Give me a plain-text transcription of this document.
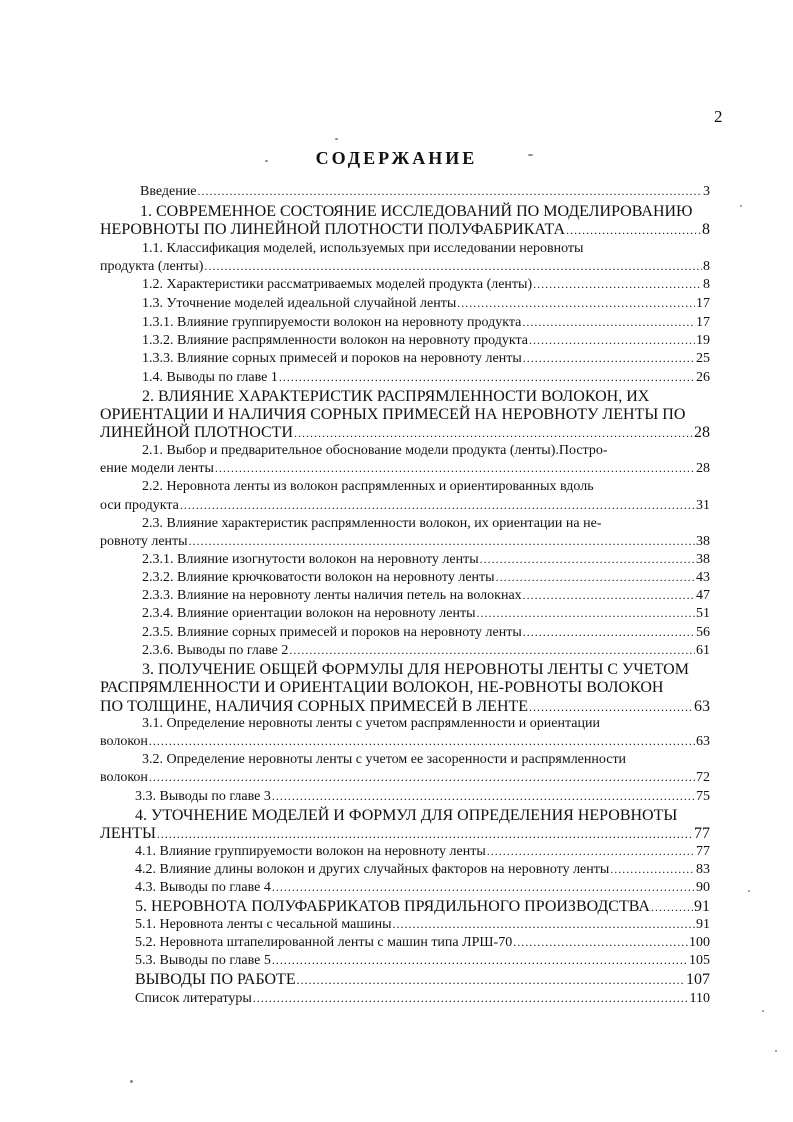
2
СОДЕРЖАНИЕ
Введение .....	3
1. СОВРЕМЕННОЕ СОСТОЯНИЕ ИССЛЕДОВАНИЙ ПО МОДЕЛИРОВАНИЮ
НЕРОВНОТЫ ПО ЛИНЕЙНОЙ ПЛОТНОСТИ ПОЛУФАБРИКАТА .....	8
1.1. Классификация моделей, используемых при исследовании неровноты
продукта (ленты) .....	8
1.2. Характеристики рассматриваемых моделей продукта (ленты) .....	8
1.3. Уточнение моделей идеальной случайной ленты .....	17
1.3.1. Влияние группируемости волокон на неровноту продукта .....	17
1.3.2. Влияние распрямленности волокон на неровноту продукта .....	19
1.3.3. Влияние сорных примесей и пороков на неровноту ленты .....	25
1.4. Выводы по главе 1 .....	26
2. ВЛИЯНИЕ ХАРАКТЕРИСТИК РАСПРЯМЛЕННОСТИ ВОЛОКОН, ИХ
ОРИЕНТАЦИИ И НАЛИЧИЯ СОРНЫХ ПРИМЕСЕЙ НА НЕРОВНОТУ ЛЕНТЫ ПО
ЛИНЕЙНОЙ ПЛОТНОСТИ .....	28
2.1. Выбор и предварительное обоснование модели продукта (ленты).Постро-
ение модели ленты .....	28
2.2. Неровнота ленты из волокон распрямленных и ориентированных вдоль
оси продукта .....	31
2.3. Влияние характеристик распрямленности волокон, их ориентации на не-
ровноту ленты .....	38
2.3.1. Влияние изогнутости волокон на неровноту ленты .....	38
2.3.2. Влияние крючковатости волокон на неровноту ленты .....	43
2.3.3. Влияние на неровноту ленты наличия петель на волокнах .....	47
2.3.4. Влияние ориентации волокон на неровноту ленты .....	51
2.3.5. Влияние сорных примесей и пороков на неровноту ленты .....	56
2.3.6. Выводы по главе 2 .....	61
3. ПОЛУЧЕНИЕ ОБЩЕЙ ФОРМУЛЫ ДЛЯ НЕРОВНОТЫ ЛЕНТЫ С УЧЕТОМ
РАСПРЯМЛЕННОСТИ И ОРИЕНТАЦИИ ВОЛОКОН, НЕ-РОВНОТЫ ВОЛОКОН
ПО ТОЛЩИНЕ, НАЛИЧИЯ СОРНЫХ ПРИМЕСЕЙ В ЛЕНТЕ .....	63
3.1. Определение неровноты ленты с учетом распрямленности и ориентации
волокон .....	63
3.2. Определение неровноты ленты с учетом ее засоренности и распрямленности
волокон .....	72
3.3. Выводы по главе 3 .....	75
4. УТОЧНЕНИЕ МОДЕЛЕЙ И ФОРМУЛ ДЛЯ ОПРЕДЕЛЕНИЯ НЕРОВНОТЫ
ЛЕНТЫ .....	77
4.1. Влияние группируемости волокон на неровноту ленты .....	77
4.2. Влияние длины волокон и других случайных факторов на неровноту ленты .....	83
4.3. Выводы по главе 4 .....	90
5. НЕРОВНОТА ПОЛУФАБРИКАТОВ ПРЯДИЛЬНОГО ПРОИЗВОДСТВА .....	91
5.1. Неровнота ленты с чесальной машины .....	91
5.2. Неровнота штапелированной ленты с машин типа ЛРШ-70 .....	100
5.3. Выводы по главе 5 .....	105
ВЫВОДЫ ПО РАБОТЕ .....	107
Список литературы .....	110
